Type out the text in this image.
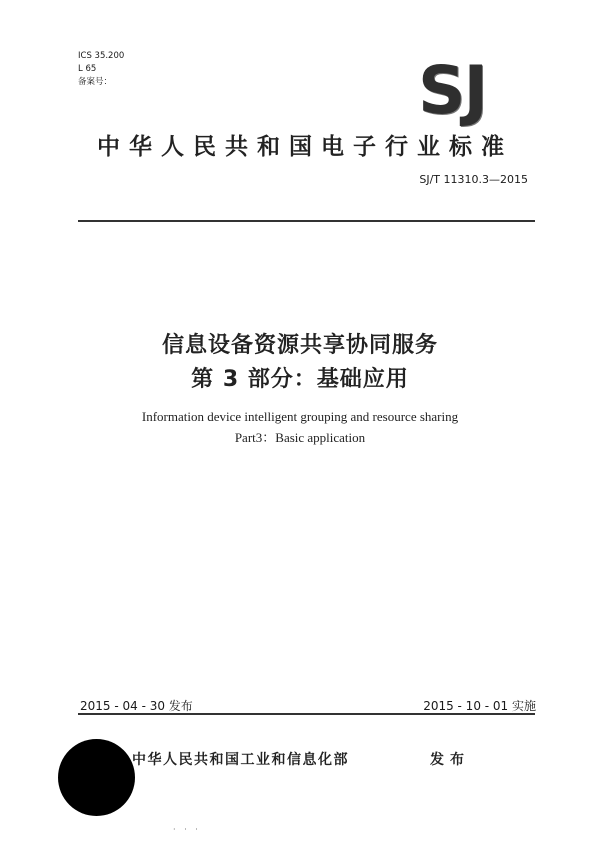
ICS 35.200
L 65
备案号：	SJ
中华人民共和国电子行业标准
SJ/T 11310.3—2015
信息设备资源共享协同服务
第 3 部分：基础应用
Information device intelligent grouping and resource sharing
Part3：Basic application
2015 - 04 - 30 发布	2015 - 10 - 01 实施
中华人民共和国工业和信息化部	发布
· · ·
